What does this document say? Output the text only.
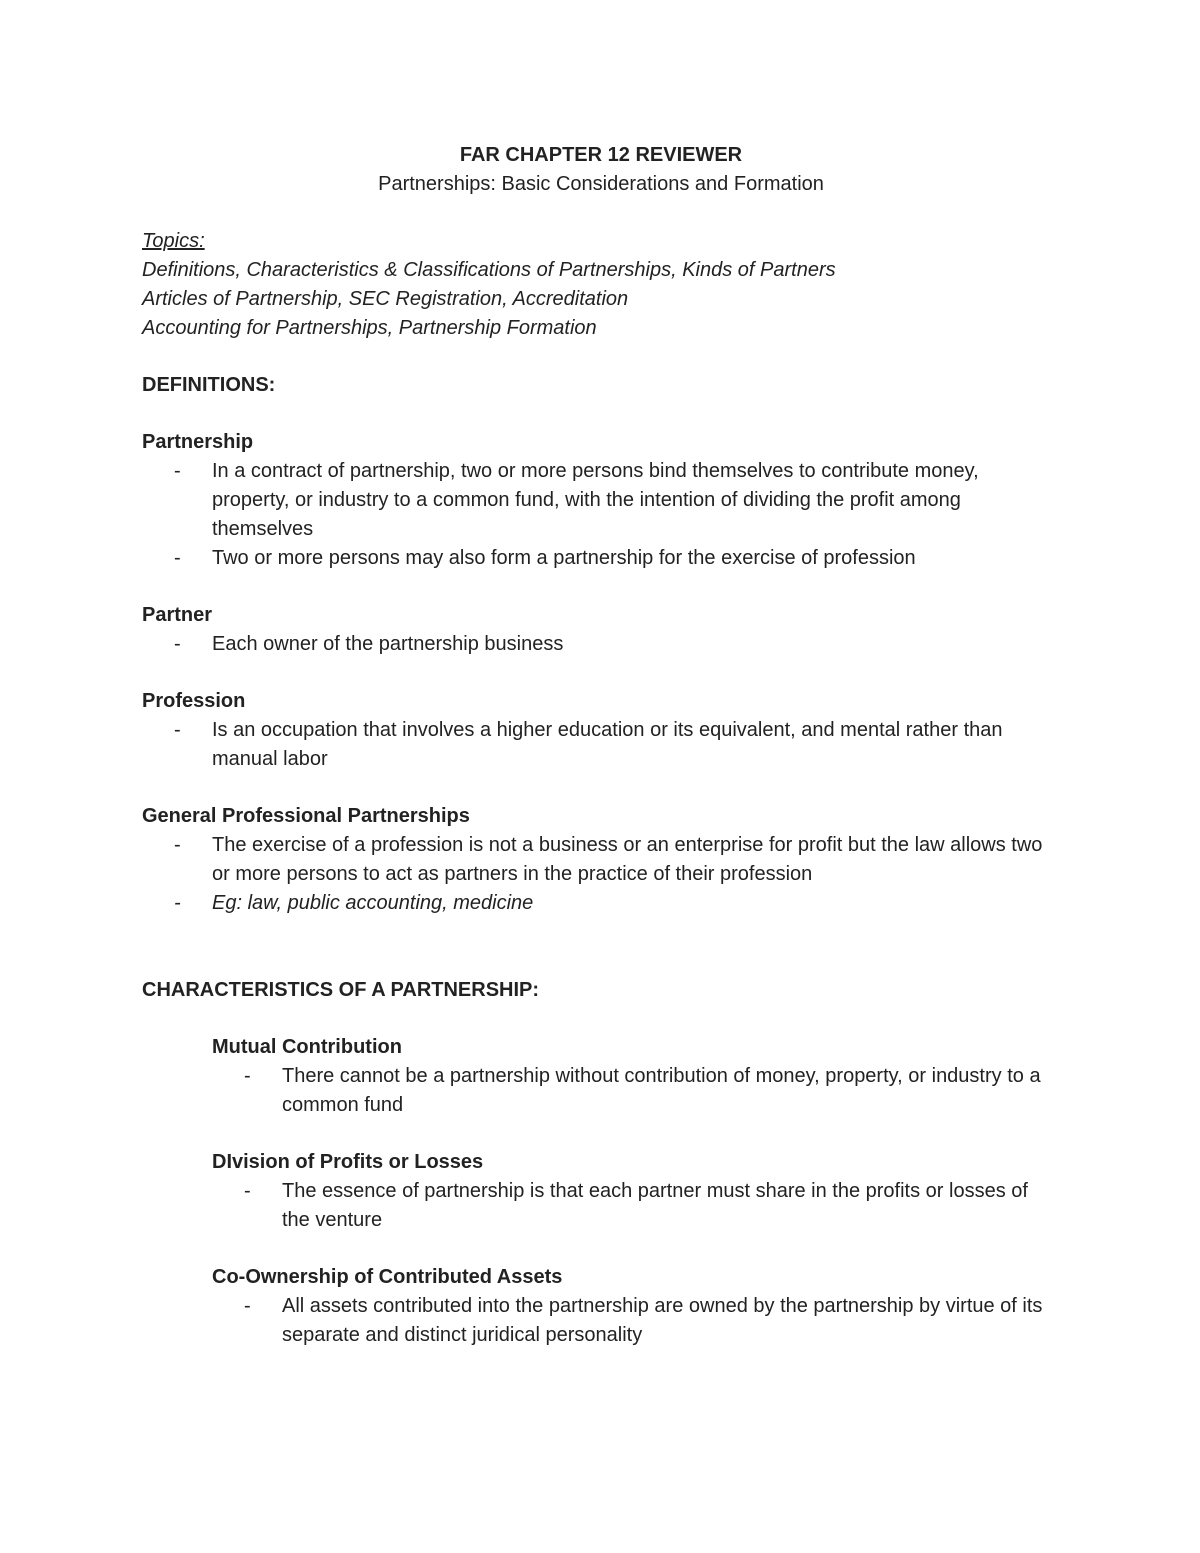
FAR CHAPTER 12 REVIEWER

Partnerships: Basic Considerations and Formation

Topics:

Definitions, Characteristics & Classifications of Partnerships, Kinds of Partners

Articles of Partnership, SEC Registration, Accreditation

Accounting for Partnerships, Partnership Formation

DEFINITIONS:

Partnership

- In a contract of partnership, two or more persons bind themselves to contribute money, property, or industry to a common fund, with the intention of dividing the profit among themselves
- Two or more persons may also form a partnership for the exercise of profession

Partner

- Each owner of the partnership business

Profession

- Is an occupation that involves a higher education or its equivalent, and mental rather than manual labor

General Professional Partnerships

- The exercise of a profession is not a business or an enterprise for profit but the law allows two or more persons to act as partners in the practice of their profession
- Eg: law, public accounting, medicine

CHARACTERISTICS OF A PARTNERSHIP:

Mutual Contribution

- There cannot be a partnership without contribution of money, property, or industry to a common fund

DIvision of Profits or Losses

- The essence of partnership is that each partner must share in the profits or losses of the venture

Co-Ownership of Contributed Assets

- All assets contributed into the partnership are owned by the partnership by virtue of its separate and distinct juridical personality
